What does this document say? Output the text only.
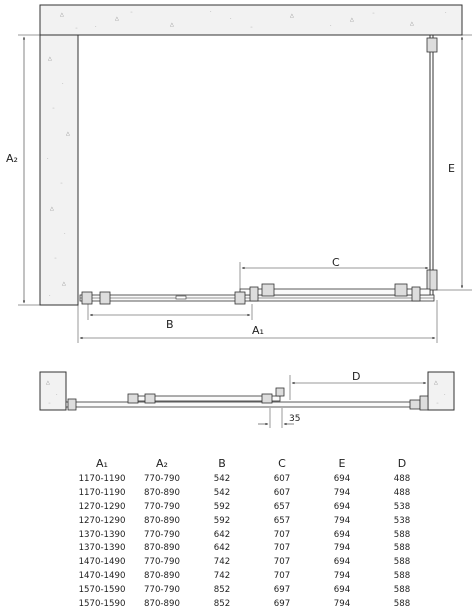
△
·
◦
△
·
◦
△
·
◦
△
·
△	·	△
◦
△
·
◦
△
·
◦
△
·
◦
△
·
A₂
E
C
B	A₁
△
·
◦
△
·
◦
D
35
A₁	A₂	B	C	E	D
1170-1190	770-790	542	607	694	488
1170-1190	870-890	542	607	794	488
1270-1290	770-790	592	657	694	538
1270-1290	870-890	592	657	794	538
1370-1390	770-790	642	707	694	588
1370-1390	870-890	642	707	794	588
1470-1490	770-790	742	707	694	588
1470-1490	870-890	742	707	794	588
1570-1590	770-790	852	697	694	588
1570-1590	870-890	852	697	794	588
